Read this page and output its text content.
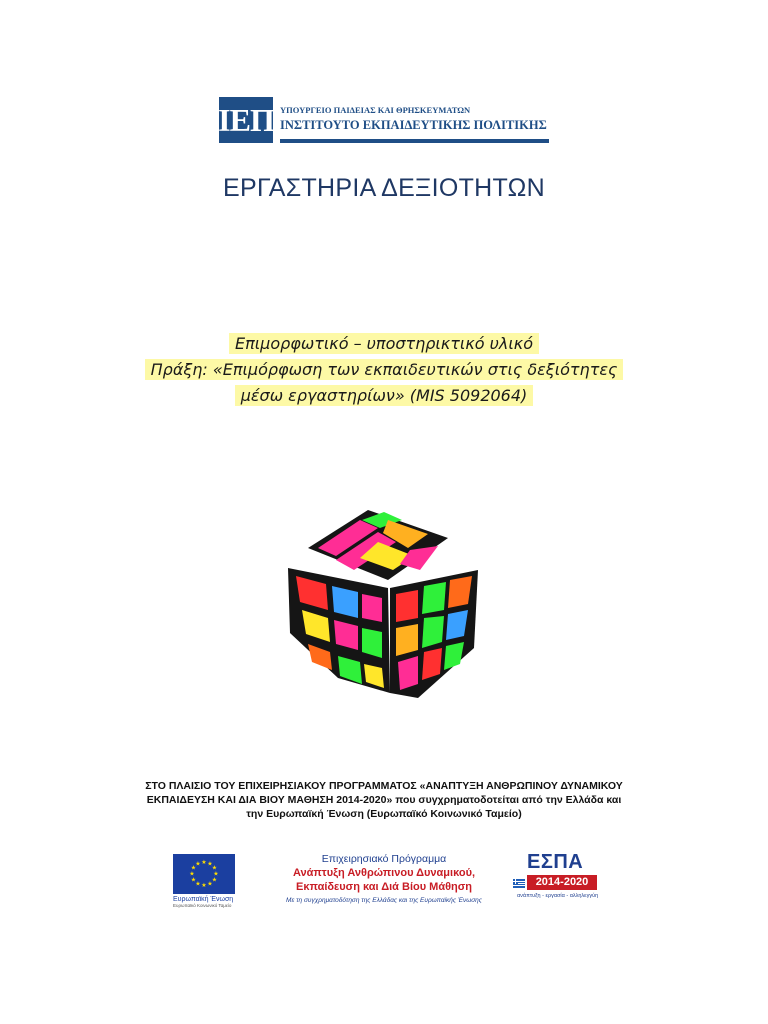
ΙΕΠ ΥΠΟΥΡΓΕΙΟ ΠΑΙΔΕΙΑΣ ΚΑΙ ΘΡΗΣΚΕΥΜΑΤΩΝ
ΙΝΣΤΙΤΟΥΤΟ ΕΚΠΑΙΔΕΥΤΙΚΗΣ ΠΟΛΙΤΙΚΗΣ
ΕΡΓΑΣΤΗΡΙΑ ΔΕΞΙΟΤΗΤΩΝ
Επιμορφωτικό – υποστηρικτικό υλικό
Πράξη: «Επιμόρφωση των εκπαιδευτικών στις δεξιότητες
μέσω εργαστηρίων» (MIS 5092064)
ΣΤΟ ΠΛΑΙΣΙΟ ΤΟΥ ΕΠΙΧΕΙΡΗΣΙΑΚΟΥ ΠΡΟΓΡΑΜΜΑΤΟΣ «ΑΝΑΠΤΥΞΗ ΑΝΘΡΩΠΙΝΟΥ ΔΥΝΑΜΙΚΟΥ
ΕΚΠΑΙΔΕΥΣΗ ΚΑΙ ΔΙΑ ΒΙΟΥ ΜΑΘΗΣΗ 2014-2020» που συγχρηματοδοτείται από την Ελλάδα και
την Ευρωπαϊκή Ένωση (Ευρωπαϊκό Κοινωνικό Ταμείο)
★ ★
★
★
★
★
★
★
★
★
★
★
Ευρωπαϊκή Ένωση
Ευρωπαϊκό Κοινωνικό Ταμείο
Επιχειρησιακό Πρόγραμμα
Ανάπτυξη Ανθρώπινου Δυναμικού,
Εκπαίδευση και Διά Βίου Μάθηση
Με τη συγχρηματοδότηση της Ελλάδας και της Ευρωπαϊκής Ένωσης
ΕΣΠΑ
2014-2020
ανάπτυξη - εργασία - αλληλεγγύη
